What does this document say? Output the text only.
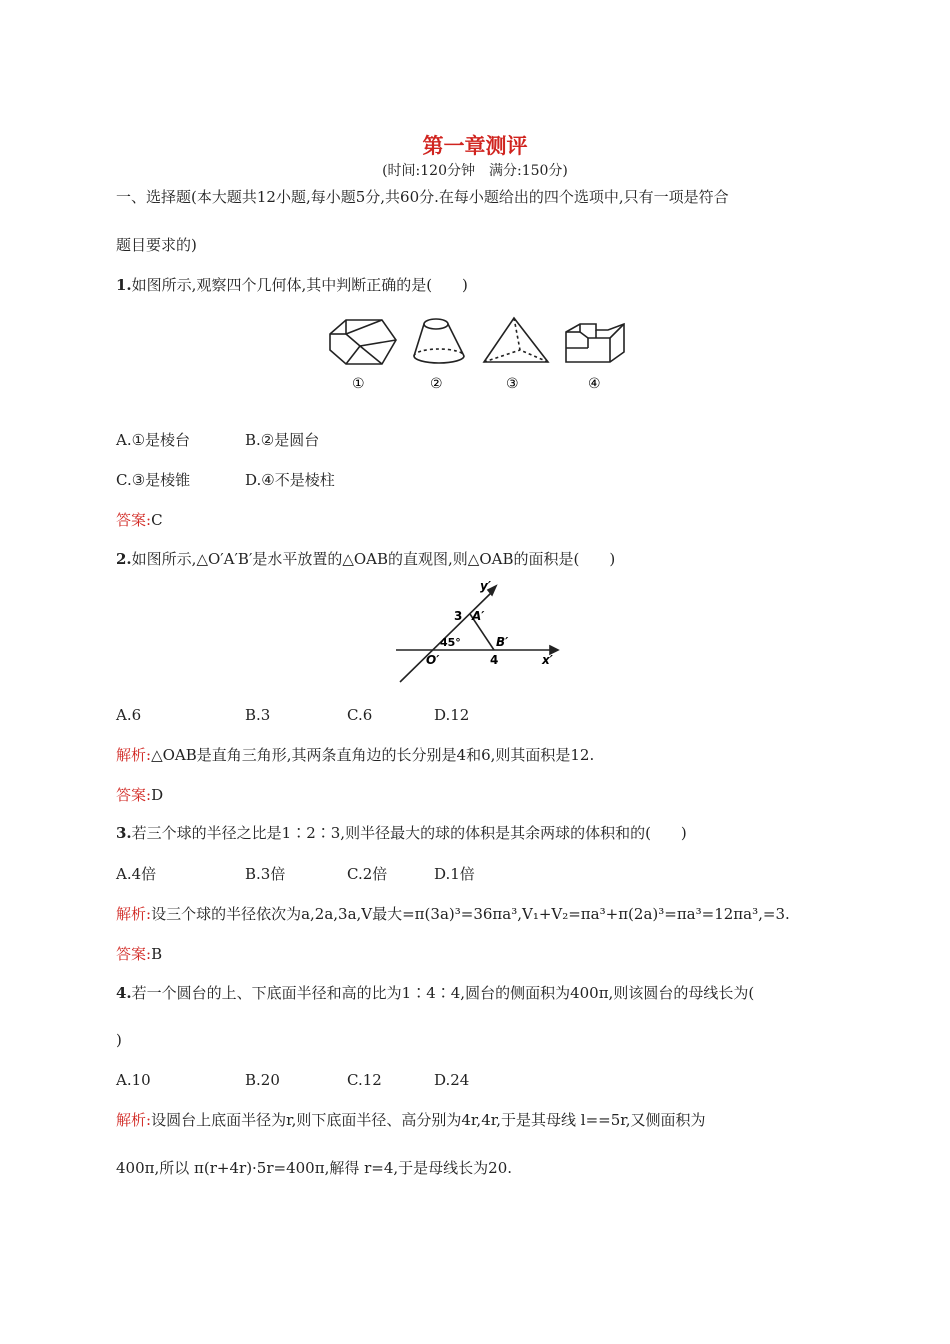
第一章测评
(时间:120分钟　满分:150分)
一、选择题(本大题共12小题,每小题5分,共60分.在每小题给出的四个选项中,只有一项是符合
题目要求的)
1.如图所示,观察四个几何体,其中判断正确的是(　　)
①	②	③	④
A.①是棱台	B.②是圆台
C.③是棱锥	D.④不是棱柱
答案:C
2.如图所示,△O′A′B′是水平放置的△OAB的直观图,则△OAB的面积是(　　)
y′
x′
A′
B′
O′
3
4
45°
A.6	B.3	C.6	D.12
解析:△OAB是直角三角形,其两条直角边的长分别是4和6,则其面积是12.
答案:D
3.若三个球的半径之比是1∶2∶3,则半径最大的球的体积是其余两球的体积和的(　　)
A.4倍	B.3倍	C.2倍	D.1倍
解析:设三个球的半径依次为a,2a,3a,V最大=π(3a)³=36πa³,V₁+V₂=πa³+π(2a)³=πa³=12πa³,=3.
答案:B
4.若一个圆台的上、下底面半径和高的比为1∶4∶4,圆台的侧面积为400π,则该圆台的母线长为(
)
A.10	B.20	C.12	D.24
解析:设圆台上底面半径为r,则下底面半径、高分别为4r,4r,于是其母线 l==5r,又侧面积为
400π,所以 π(r+4r)·5r=400π,解得 r=4,于是母线长为20.
